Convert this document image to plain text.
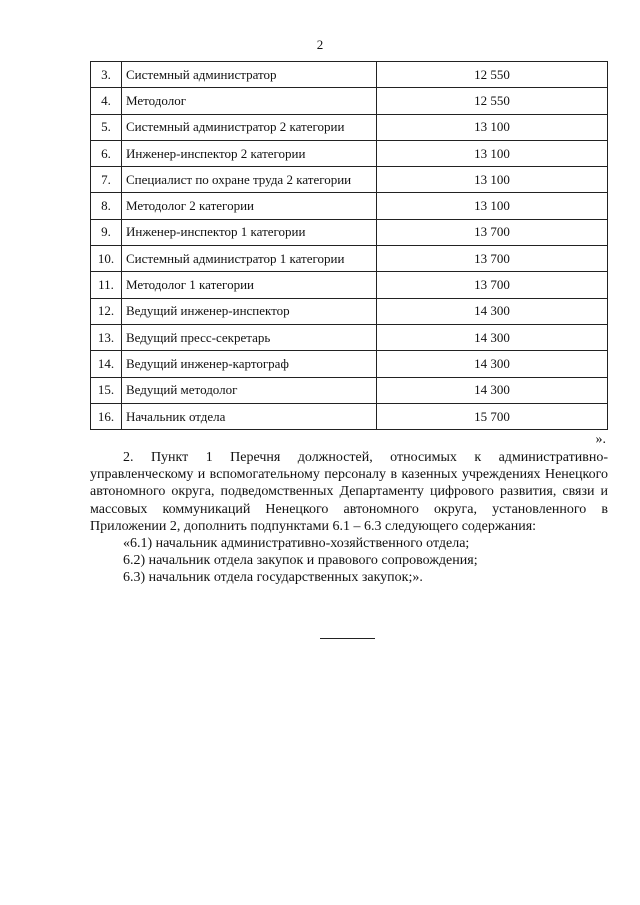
2
3.	Системный администратор	12 550
4.	Методолог	12 550
5.	Системный администратор 2 категории	13 100
6.	Инженер-инспектор 2 категории	13 100
7.	Специалист по охране труда 2 категории	13 100
8.	Методолог 2 категории	13 100
9.	Инженер-инспектор 1 категории	13 700
10.	Системный администратор 1 категории	13 700
11.	Методолог 1 категории	13 700
12.	Ведущий инженер-инспектор	14 300
13.	Ведущий пресс-секретарь	14 300
14.	Ведущий инженер-картограф	14 300
15.	Ведущий методолог	14 300
16.	Начальник отдела	15 700
».

2. Пункт 1 Перечня должностей, относимых к административно-управленческому и вспомогательному персоналу в казенных учреждениях Ненецкого автономного округа, подведомственных Департаменту цифрового развития, связи и массовых коммуникаций Ненецкого автономного округа, установленного в Приложении 2, дополнить подпунктами 6.1 – 6.3 следующего содержания:

«6.1) начальник административно-хозяйственного отдела;

6.2) начальник отдела закупок и правового сопровождения;

6.3) начальник отдела государственных закупок;».
